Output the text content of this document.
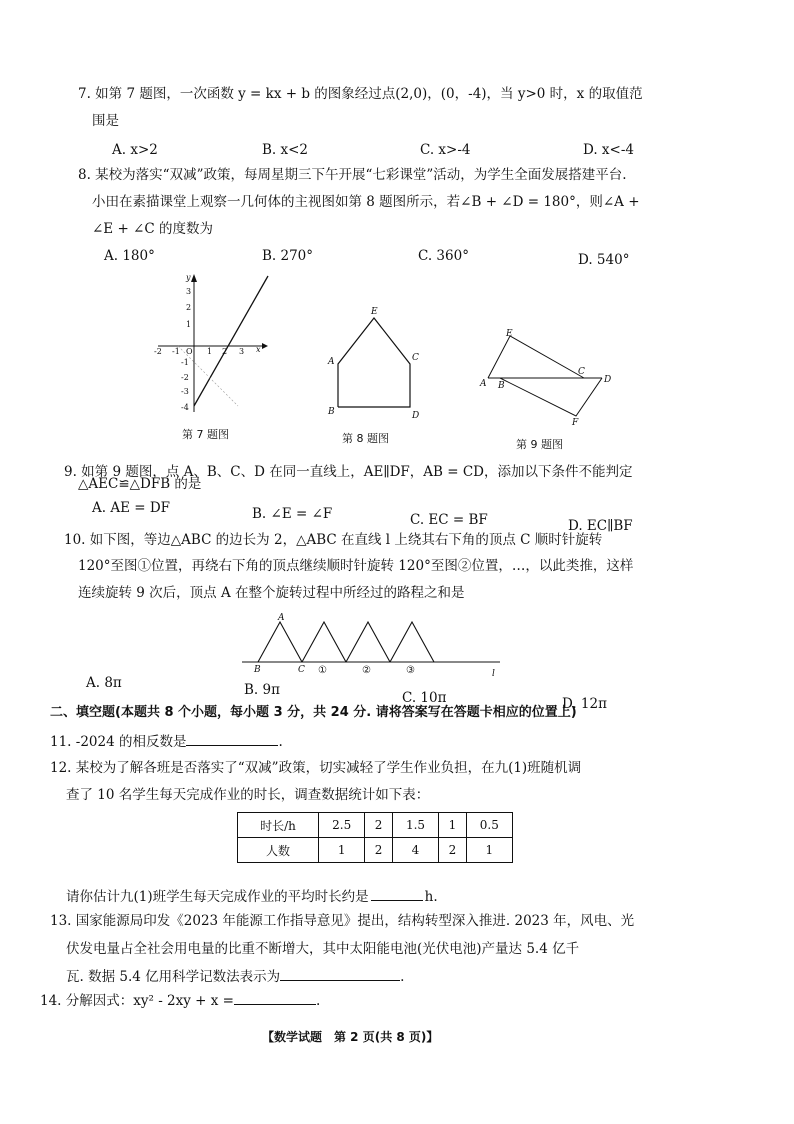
7. 如第 7 题图，一次函数 y = kx + b 的图象经过点(2,0)，(0，-4)，当 y>0 时，x 的取值范
围是
A. x>2	B. x<2	C. x>-4	D. x<-4
8. 某校为落实“双减”政策，每周星期三下午开展“七彩课堂”活动，为学生全面发展搭建平台.
小田在素描课堂上观察一几何体的主视图如第 8 题图所示，若∠B + ∠D = 180°，则∠A +
∠E + ∠C 的度数为
A. 180°	B. 270°	C. 360°	D. 540°
-2 -1 O 1 2 3 x
y
3
2
1
-1
-2
-3
-4
第 7 题图
E
A	C
B	D
第 8 题图
E
A B
C
D
F
第 9 题图
9. 如第 9 题图，点 A、B、C、D 在同一直线上，AE∥DF，AB = CD，添加以下条件不能判定
△AEC≌△DFB 的是
A. AE = DF	B. ∠E = ∠F	C. EC = BF	D. EC∥BF
10. 如下图，等边△ABC 的边长为 2，△ABC 在直线 l 上绕其右下角的顶点 C 顺时针旋转
120°至图①位置，再绕右下角的顶点继续顺时针旋转 120°至图②位置，…，以此类推，这样
连续旋转 9 次后，顶点 A 在整个旋转过程中所经过的路程之和是
A
B	C ①	②	③	l
A. 8π	B. 9π	C. 10π	D. 12π
二、填空题(本题共 8 个小题，每小题 3 分，共 24 分. 请将答案写在答题卡相应的位置上)
11. -2024 的相反数是	.
12. 某校为了解各班是否落实了“双减”政策，切实减轻了学生作业负担，在九(1)班随机调
查了 10 名学生每天完成作业的时长，调查数据统计如下表：
时长/h	2.5	2	1.5	1	0.5
人数	1	2	4	2	1
请你估计九(1)班学生每天完成作业的平均时长约是	h.
13. 国家能源局印发《2023 年能源工作指导意见》提出，结构转型深入推进. 2023 年，风电、光
伏发电量占全社会用电量的比重不断增大，其中太阳能电池(光伏电池)产量达 5.4 亿千
瓦. 数据 5.4 亿用科学记数法表示为	.
14. 分解因式：xy² - 2xy + x =	.
【数学试题　第 2 页(共 8 页)】
